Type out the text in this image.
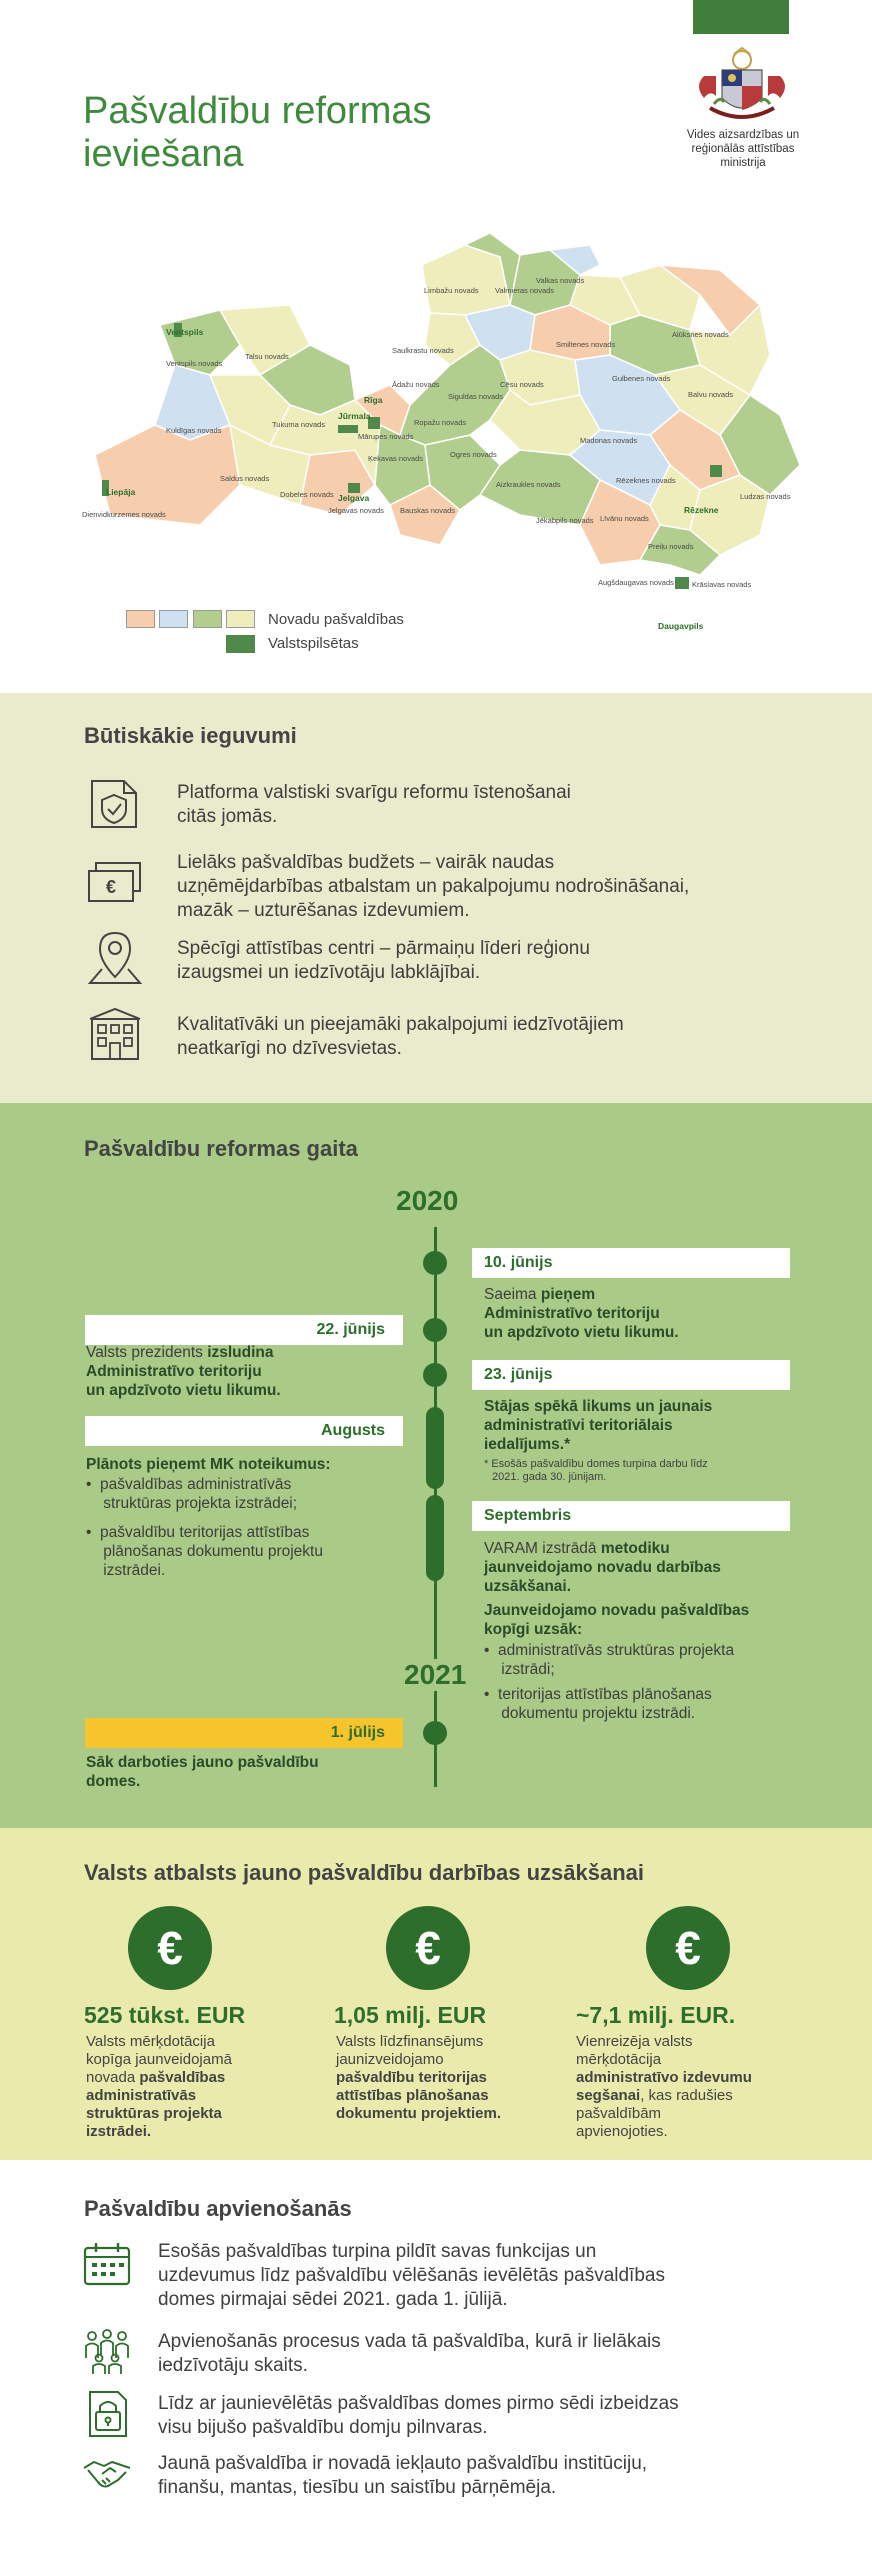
Pašvaldību reformas
ieviešana	Vides aizsardzības un
reģionālās attīstības
ministrija
Valkas novads
Limbažu novads Valmieras novads
Alūksnes novads
Saulkrastu novads
Smiltenes novads
Talsu novads
Ventspils novads
Ādažu novads
Siguldas novads
Cēsu novads
Gulbenes novads
Balvu novads
Kuldīgas novads
Tukuma novads
Mārupes novads
Ropažu novads
Madonas novads
Ķekavas novads
Saldus novads
Ogres novads
Rēzeknes novads
Dobeles novads
Aizkraukles novads
Ludzas novads
Dienvidkurzemes novads	Jelgavas novads Bauskas novads
Jēkabpils novads Līvānu novads
Preiļu novads
Augšdaugavas novads Krāslavas novads
Ventspils
Rīga
Jūrmala
Liepāja
Jelgava
Rēzekne
Daugavpils
Novadu pašvaldības
Valstspilsētas
Būtiskākie ieguvumi
Platforma valstiski svarīgu reformu īstenošanai
citās jomās.
€
Lielāks pašvaldības budžets – vairāk naudas
uzņēmējdarbības atbalstam un pakalpojumu nodrošināšanai,
mazāk – uzturēšanas izdevumiem.
Spēcīgi attīstības centri – pārmaiņu līderi reģionu
izaugsmei un iedzīvotāju labklājībai.
Kvalitatīvāki un pieejamāki pakalpojumi iedzīvotājiem
neatkarīgi no dzīvesvietas.
Pašvaldību reformas gaita
2020
10. jūnijs
Saeima pieņem
Administratīvo teritoriju
un apdzīvoto vietu likumu.
22. jūnijs
Valsts prezidents izsludina
Administratīvo teritoriju
un apdzīvoto vietu likumu.
23. jūnijs
Stājas spēkā likums un jaunais
administratīvi teritoriālais
iedalījums.*
* Esošās pašvaldību domes turpina darbu līdz
2021. gada 30. jūnijam.
Augusts
Plānots pieņemt MK noteikumus:
•  pašvaldības administratīvās
struktūras projekta izstrādei;
•  pašvaldību teritorijas attīstības
plānošanas dokumentu projektu
izstrādei.
Septembris
VARAM izstrādā metodiku
jaunveidojamo novadu darbības
uzsākšanai.
Jaunveidojamo novadu pašvaldības
kopīgi uzsāk:
•  administratīvās struktūras projekta
izstrādi;
•  teritorijas attīstības plānošanas
dokumentu projektu izstrādi.
2021
1. jūlijs
Sāk darboties jauno pašvaldību
domes.
Valsts atbalsts jauno pašvaldību darbības uzsākšanai
€
525 tūkst. EUR
Valsts mērķdotācija
kopīga jaunveidojamā
novada pašvaldības
administratīvās
struktūras projekta
izstrādei.
€
1,05 milj. EUR
Valsts līdzfinansējums
jaunizveidojamo
pašvaldību teritorijas
attīstības plānošanas
dokumentu projektiem.
€
~7,1 milj. EUR.
Vienreizēja valsts
mērķdotācija
administratīvo izdevumu
segšanai, kas radušies
pašvaldībām
apvienojoties.
Pašvaldību apvienošanās
Esošās pašvaldības turpina pildīt savas funkcijas un
uzdevumus līdz pašvaldību vēlēšanās ievēlētās pašvaldības
domes pirmajai sēdei 2021. gada 1. jūlijā.
Apvienošanās procesus vada tā pašvaldība, kurā ir lielākais
iedzīvotāju skaits.
Līdz ar jaunievēlētās pašvaldības domes pirmo sēdi izbeidzas
visu bijušo pašvaldību domju pilnvaras.
Jaunā pašvaldība ir novadā iekļauto pašvaldību institūciju,
finanšu, mantas, tiesību un saistību pārņēmēja.
